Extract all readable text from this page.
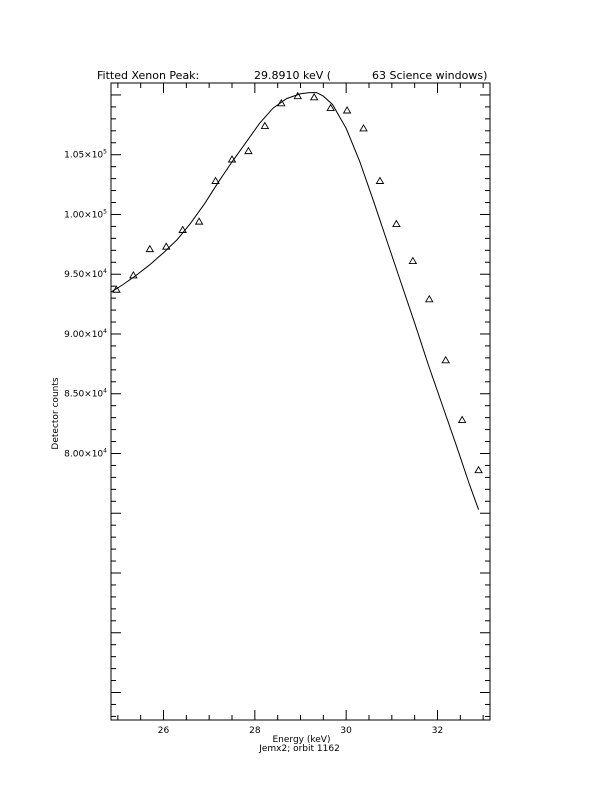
Fitted Xenon Peak:	29.8910 keV (	63 Science windows)
26	28	30	32
$8.00\times 10^4$
$8.50\times 10^4$
$9.00\times 10^4$
$9.50\times 10^4$
$1.00\times 10^5$
$1.05\times 10^5$
Energy (keV)
Jemx2; orbit 1162
Detector counts
